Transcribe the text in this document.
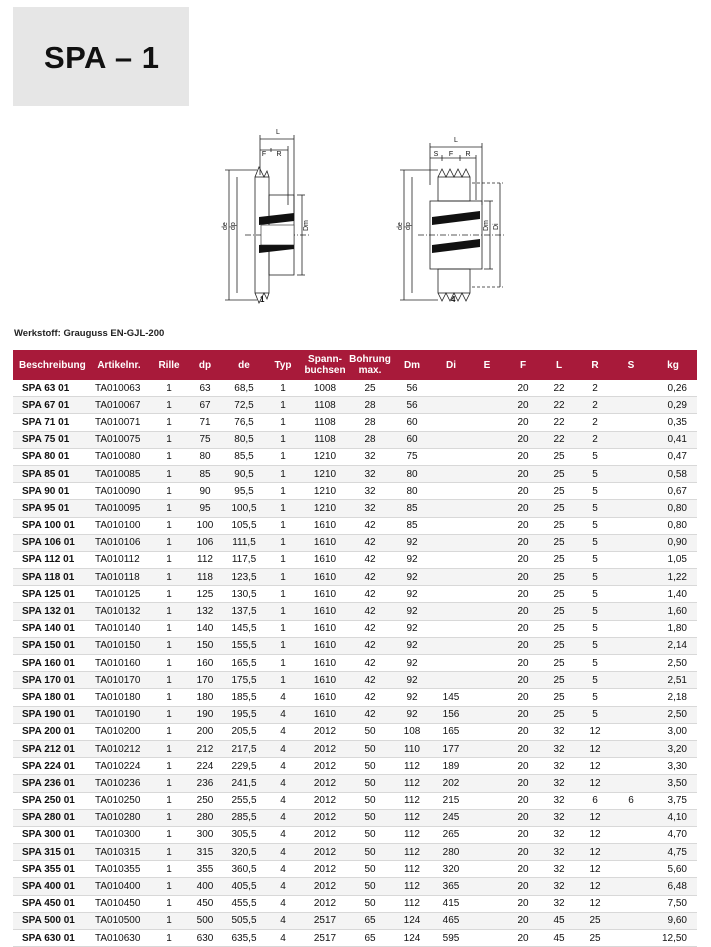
SPA – 1
L
F R
de dp	Dm
1
L
S F R
de dp	Dm Di
4
Werkstoff: Grauguss EN-GJL-200
Beschreibung	Artikelnr.	Rille	dp	de	Typ	Spann-
buchsen	Bohrung
max.	Dm	Di	E	F	L	R	S	kg
SPA 63 01	TA010063	1	63	68,5	1	1008	25	56			20	22	2		0,26
SPA 67 01	TA010067	1	67	72,5	1	1108	28	56			20	22	2		0,29
SPA 71 01	TA010071	1	71	76,5	1	1108	28	60			20	22	2		0,35
SPA 75 01	TA010075	1	75	80,5	1	1108	28	60			20	22	2		0,41
SPA 80 01	TA010080	1	80	85,5	1	1210	32	75			20	25	5		0,47
SPA 85 01	TA010085	1	85	90,5	1	1210	32	80			20	25	5		0,58
SPA 90 01	TA010090	1	90	95,5	1	1210	32	80			20	25	5		0,67
SPA 95 01	TA010095	1	95	100,5	1	1210	32	85			20	25	5		0,80
SPA 100 01	TA010100	1	100	105,5	1	1610	42	85			20	25	5		0,80
SPA 106 01	TA010106	1	106	111,5	1	1610	42	92			20	25	5		0,90
SPA 112 01	TA010112	1	112	117,5	1	1610	42	92			20	25	5		1,05
SPA 118 01	TA010118	1	118	123,5	1	1610	42	92			20	25	5		1,22
SPA 125 01	TA010125	1	125	130,5	1	1610	42	92			20	25	5		1,40
SPA 132 01	TA010132	1	132	137,5	1	1610	42	92			20	25	5		1,60
SPA 140 01	TA010140	1	140	145,5	1	1610	42	92			20	25	5		1,80
SPA 150 01	TA010150	1	150	155,5	1	1610	42	92			20	25	5		2,14
SPA 160 01	TA010160	1	160	165,5	1	1610	42	92			20	25	5		2,50
SPA 170 01	TA010170	1	170	175,5	1	1610	42	92			20	25	5		2,51
SPA 180 01	TA010180	1	180	185,5	4	1610	42	92	145		20	25	5		2,18
SPA 190 01	TA010190	1	190	195,5	4	1610	42	92	156		20	25	5		2,50
SPA 200 01	TA010200	1	200	205,5	4	2012	50	108	165		20	32	12		3,00
SPA 212 01	TA010212	1	212	217,5	4	2012	50	110	177		20	32	12		3,20
SPA 224 01	TA010224	1	224	229,5	4	2012	50	112	189		20	32	12		3,30
SPA 236 01	TA010236	1	236	241,5	4	2012	50	112	202		20	32	12		3,50
SPA 250 01	TA010250	1	250	255,5	4	2012	50	112	215		20	32	6	6	3,75
SPA 280 01	TA010280	1	280	285,5	4	2012	50	112	245		20	32	12		4,10
SPA 300 01	TA010300	1	300	305,5	4	2012	50	112	265		20	32	12		4,70
SPA 315 01	TA010315	1	315	320,5	4	2012	50	112	280		20	32	12		4,75
SPA 355 01	TA010355	1	355	360,5	4	2012	50	112	320		20	32	12		5,60
SPA 400 01	TA010400	1	400	405,5	4	2012	50	112	365		20	32	12		6,48
SPA 450 01	TA010450	1	450	455,5	4	2012	50	112	415		20	32	12		7,50
SPA 500 01	TA010500	1	500	505,5	4	2517	65	124	465		20	45	25		9,60
SPA 630 01	TA010630	1	630	635,5	4	2517	65	124	595		20	45	25		12,50
